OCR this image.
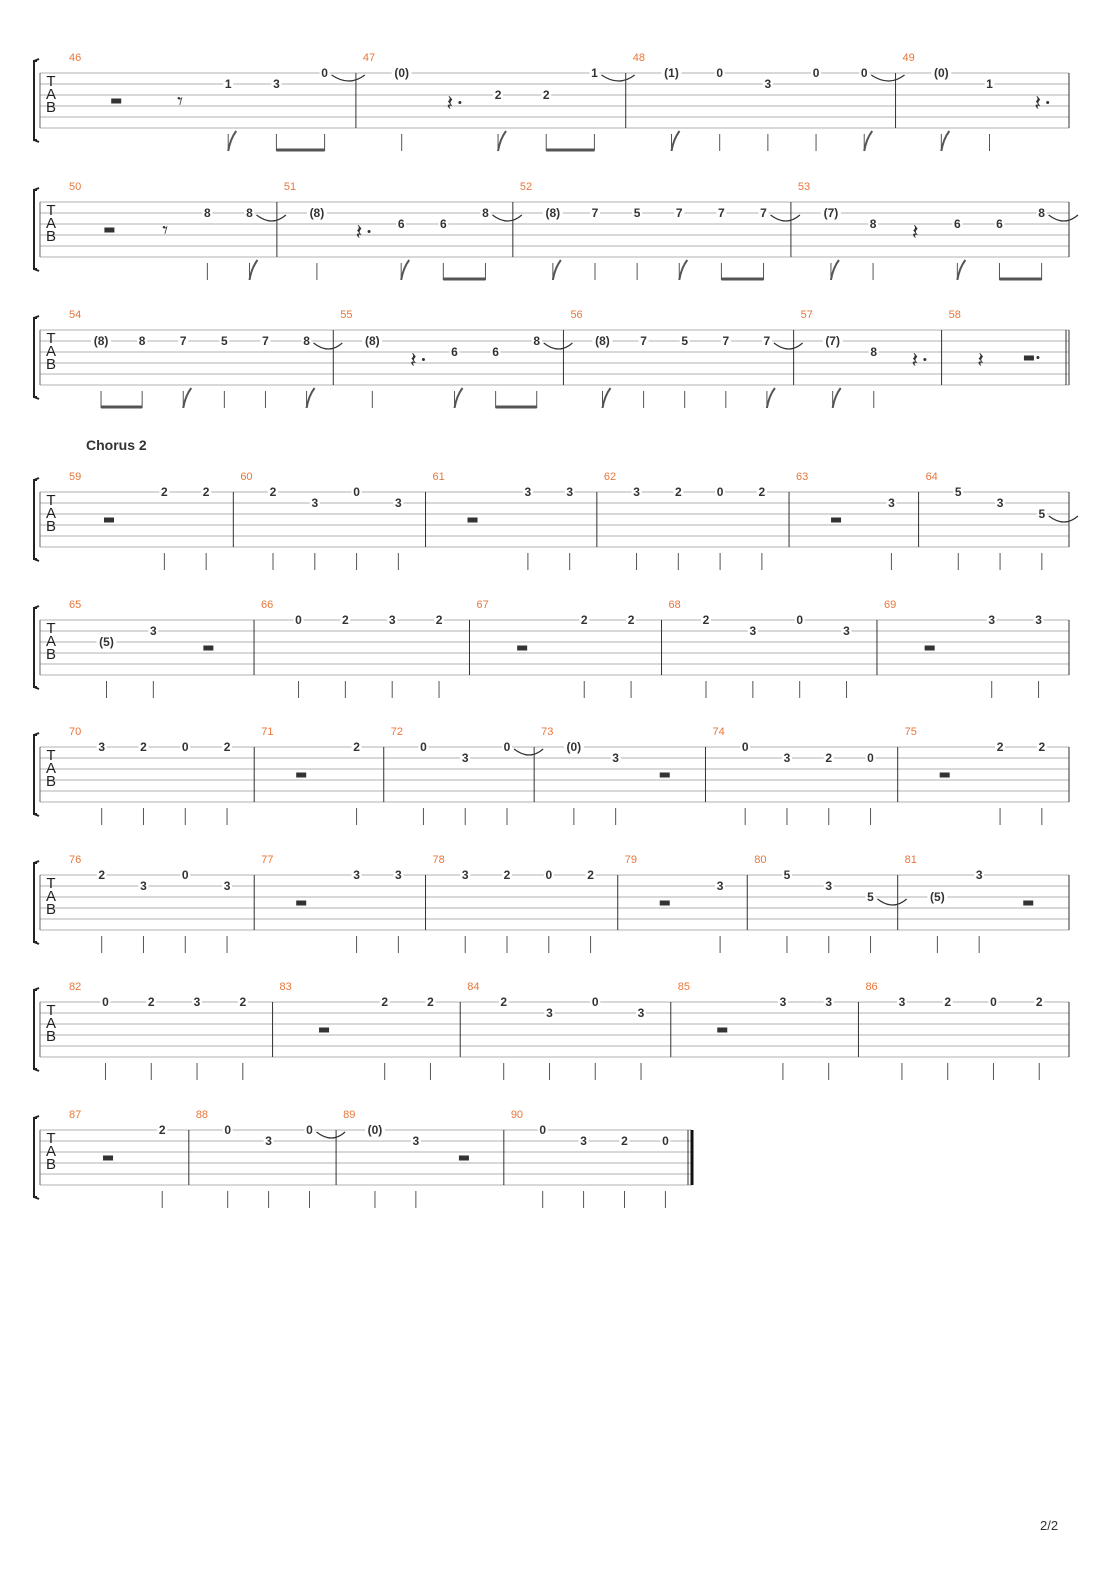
T
A
B
46
𝄾
1	3
0
47
(0)
𝄽	2	2
1
48
(1)	0
3
0	0
49
(0)
1
𝄽
T
A
B
50
𝄾
8	8
51
(8)
𝄽	6	6
8
52
(8)	7	5	7	7	7
53
(7)
8 𝄽	6	6
8
T
A
B
54
(8)	8	7	5	7	8
55
(8)
𝄽	6	6
8
56
(8)	7	5	7	7
57
(7)
8 𝄽
58
𝄽
T
A
B
59
2	2
60
2
3
0
3
61
3	3
62
3	2	0	2
63
3
64
5
3
5
T
A
B
65
(5)
3
66
0	2	3	2
67
2	2
68
2
3
0
3
69
3	3
T
A
B
70
3	2	0	2
71
2
72
0
3
0
73
(0)
3
74
0
3	2	0
75
2	2
T
A
B
76
2
3
0
3
77
3	3
78
3	2	0	2
79
3
80
5
3
5
81
(5)
3
T
A
B
82
0	2	3	2
83
2	2
84
2
3
0
3
85
3	3
86
3	2	0	2
T
A
B
87
2
88
0
3
0
89
(0)
3
90
0
3	2	0
Chorus 2
2/2
